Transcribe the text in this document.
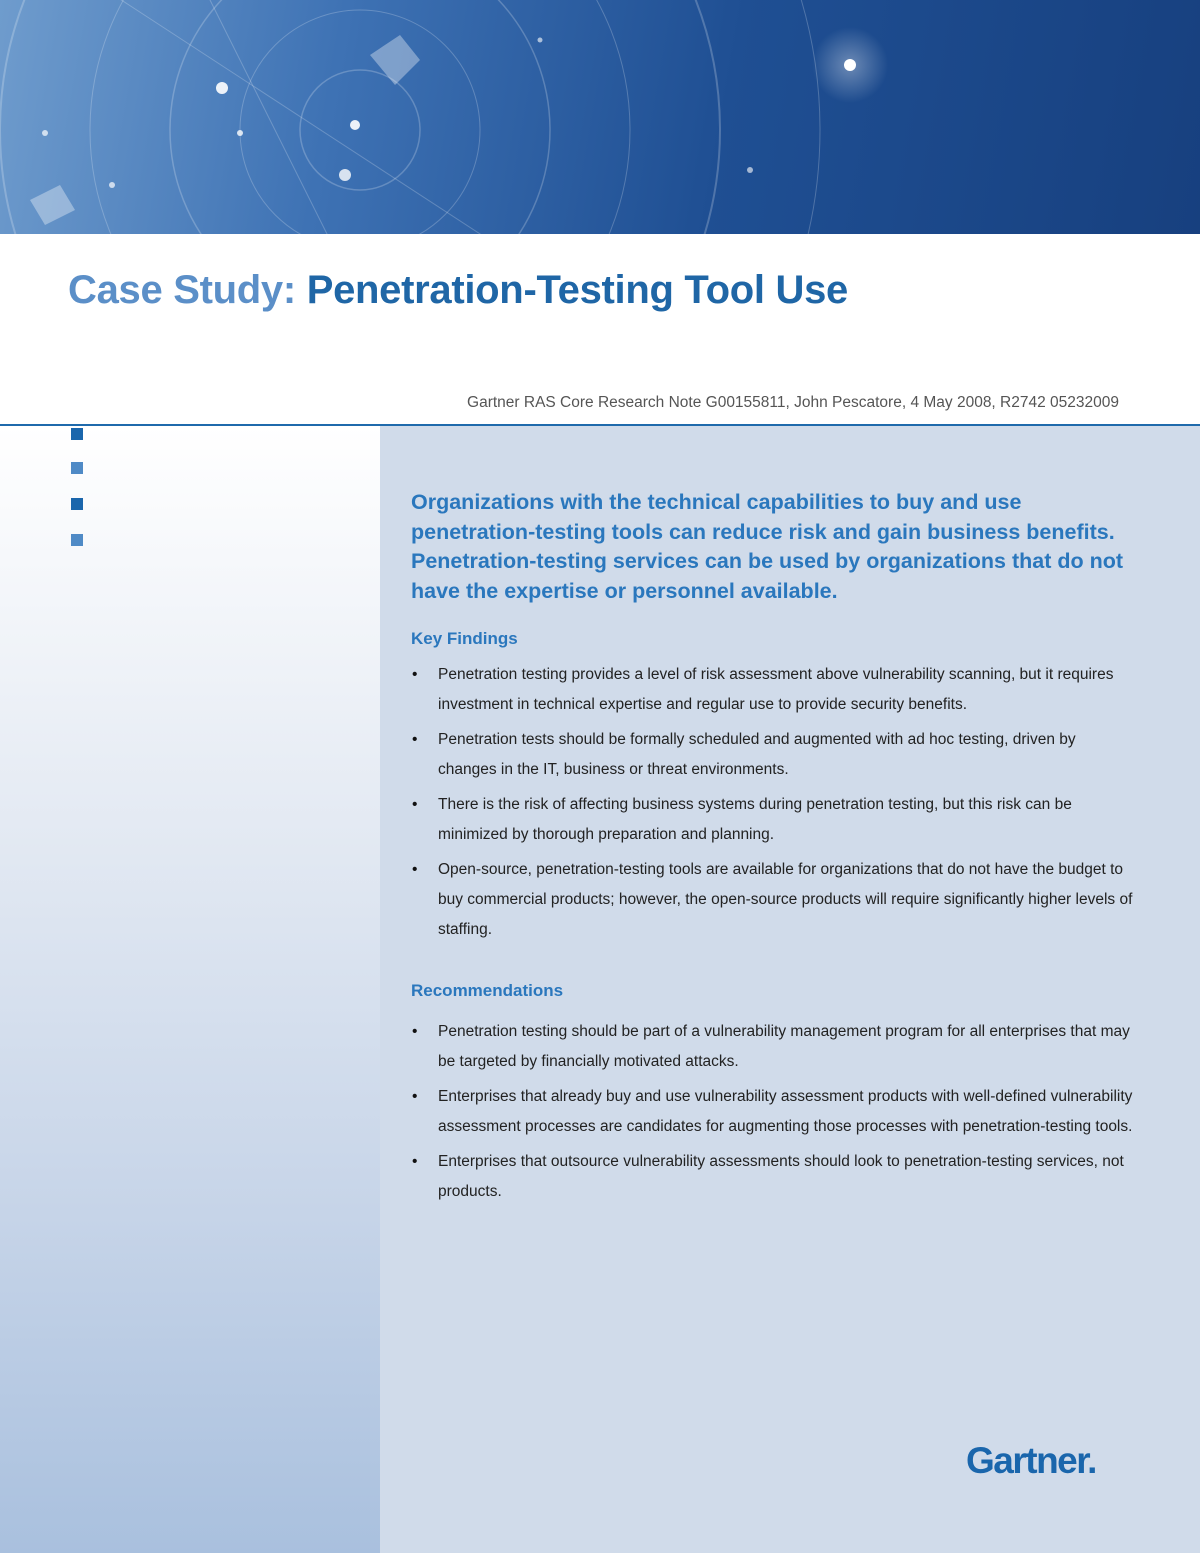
Case Study: Penetration-Testing Tool Use
Gartner RAS Core Research Note G00155811, John Pescatore, 4 May 2008, R2742 05232009

Organizations with the technical capabilities to buy and use penetration-testing tools can reduce risk and gain business benefits. Penetration-testing services can be used by organizations that do not have the expertise or personnel available.

Key Findings
• Penetration testing provides a level of risk assessment above vulnerability scanning, but it requires investment in technical expertise and regular use to provide security benefits.
• Penetration tests should be formally scheduled and augmented with ad hoc testing, driven by changes in the IT, business or threat environments.
• There is the risk of affecting business systems during penetration testing, but this risk can be minimized by thorough preparation and planning.
• Open-source, penetration-testing tools are available for organizations that do not have the budget to buy commercial products; however, the open-source products will require significantly higher levels of staffing.
Recommendations
• Penetration testing should be part of a vulnerability management program for all enterprises that may be targeted by financially motivated attacks.
• Enterprises that already buy and use vulnerability assessment products with well-defined vulnerability assessment processes are candidates for augmenting those processes with penetration-testing tools.
• Enterprises that outsource vulnerability assessments should look to penetration-testing services, not products.
Gartner.
